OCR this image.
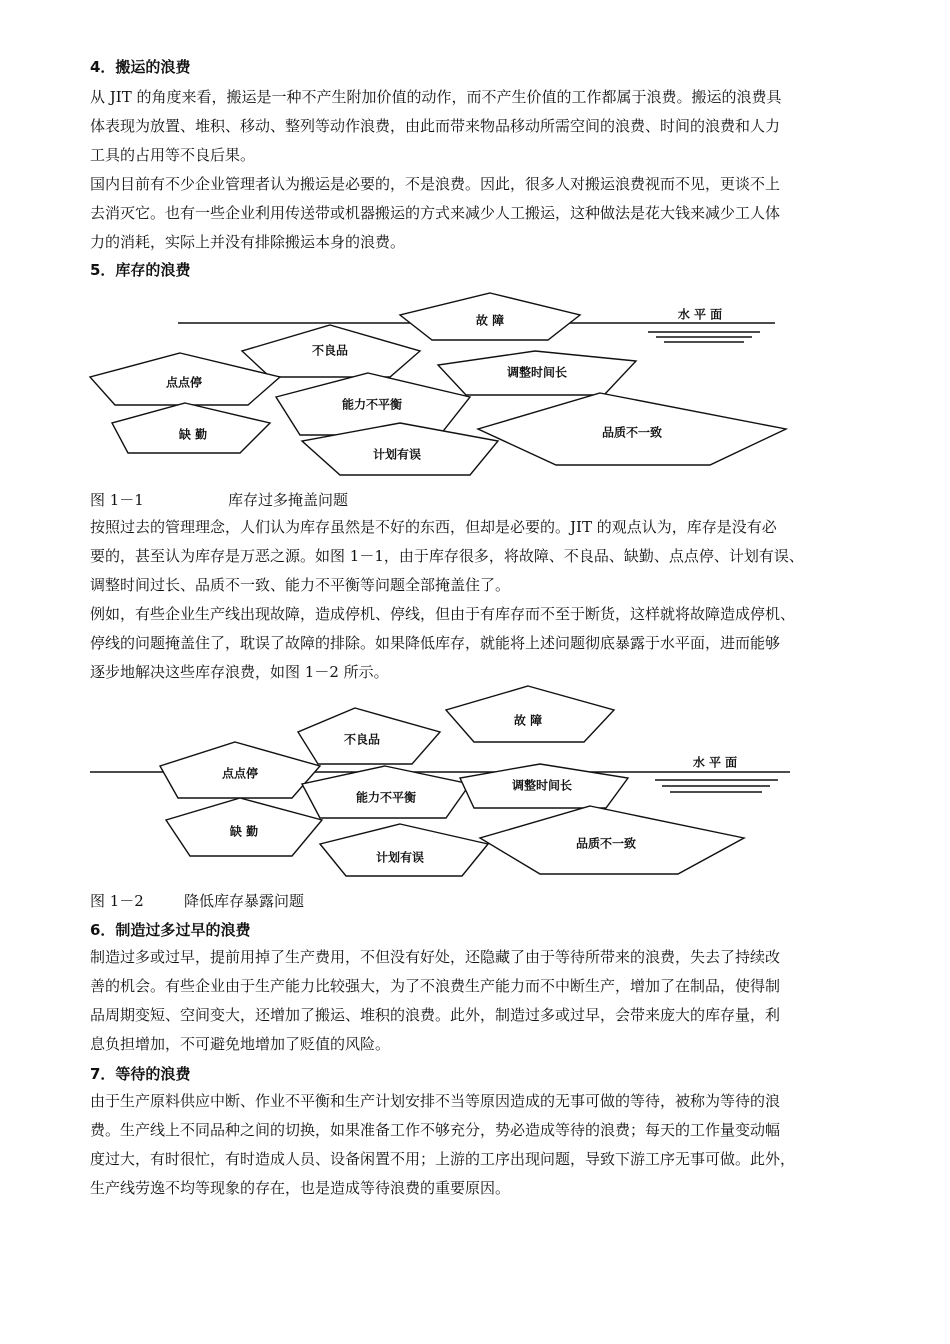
4．搬运的浪费
从 JIT 的角度来看，搬运是一种不产生附加价值的动作，而不产生价值的工作都属于浪费。搬运的浪费具
体表现为放置、堆积、移动、整列等动作浪费，由此而带来物品移动所需空间的浪费、时间的浪费和人力
工具的占用等不良后果。
国内目前有不少企业管理者认为搬运是必要的，不是浪费。因此，很多人对搬运浪费视而不见，更谈不上
去消灭它。也有一些企业利用传送带或机器搬运的方式来减少人工搬运，这种做法是花大钱来减少工人体
力的消耗，实际上并没有排除搬运本身的浪费。
5．库存的浪费
水 平 面
故 障
不良品
调整时间长
点点停
能力不平衡
缺 勤
计划有误
品质不一致
图 1－1	库存过多掩盖问题
按照过去的管理理念，人们认为库存虽然是不好的东西，但却是必要的。JIT 的观点认为，库存是没有必
要的，甚至认为库存是万恶之源。如图 1－1，由于库存很多，将故障、不良品、缺勤、点点停、计划有误、
调整时间过长、品质不一致、能力不平衡等问题全部掩盖住了。
例如，有些企业生产线出现故障，造成停机、停线，但由于有库存而不至于断货，这样就将故障造成停机、
停线的问题掩盖住了，耽误了故障的排除。如果降低库存，就能将上述问题彻底暴露于水平面，进而能够
逐步地解决这些库存浪费，如图 1－2 所示。
水 平 面
故 障
不良品
点点停
能力不平衡
调整时间长
缺 勤
计划有误
品质不一致
图 1－2	降低库存暴露问题
6．制造过多过早的浪费
制造过多或过早，提前用掉了生产费用，不但没有好处，还隐藏了由于等待所带来的浪费，失去了持续改
善的机会。有些企业由于生产能力比较强大，为了不浪费生产能力而不中断生产，增加了在制品，使得制
品周期变短、空间变大，还增加了搬运、堆积的浪费。此外，制造过多或过早，会带来庞大的库存量，利
息负担增加，不可避免地增加了贬值的风险。
7．等待的浪费
由于生产原料供应中断、作业不平衡和生产计划安排不当等原因造成的无事可做的等待，被称为等待的浪
费。生产线上不同品种之间的切换，如果准备工作不够充分，势必造成等待的浪费；每天的工作量变动幅
度过大，有时很忙，有时造成人员、设备闲置不用；上游的工序出现问题，导致下游工序无事可做。此外，
生产线劳逸不均等现象的存在，也是造成等待浪费的重要原因。
